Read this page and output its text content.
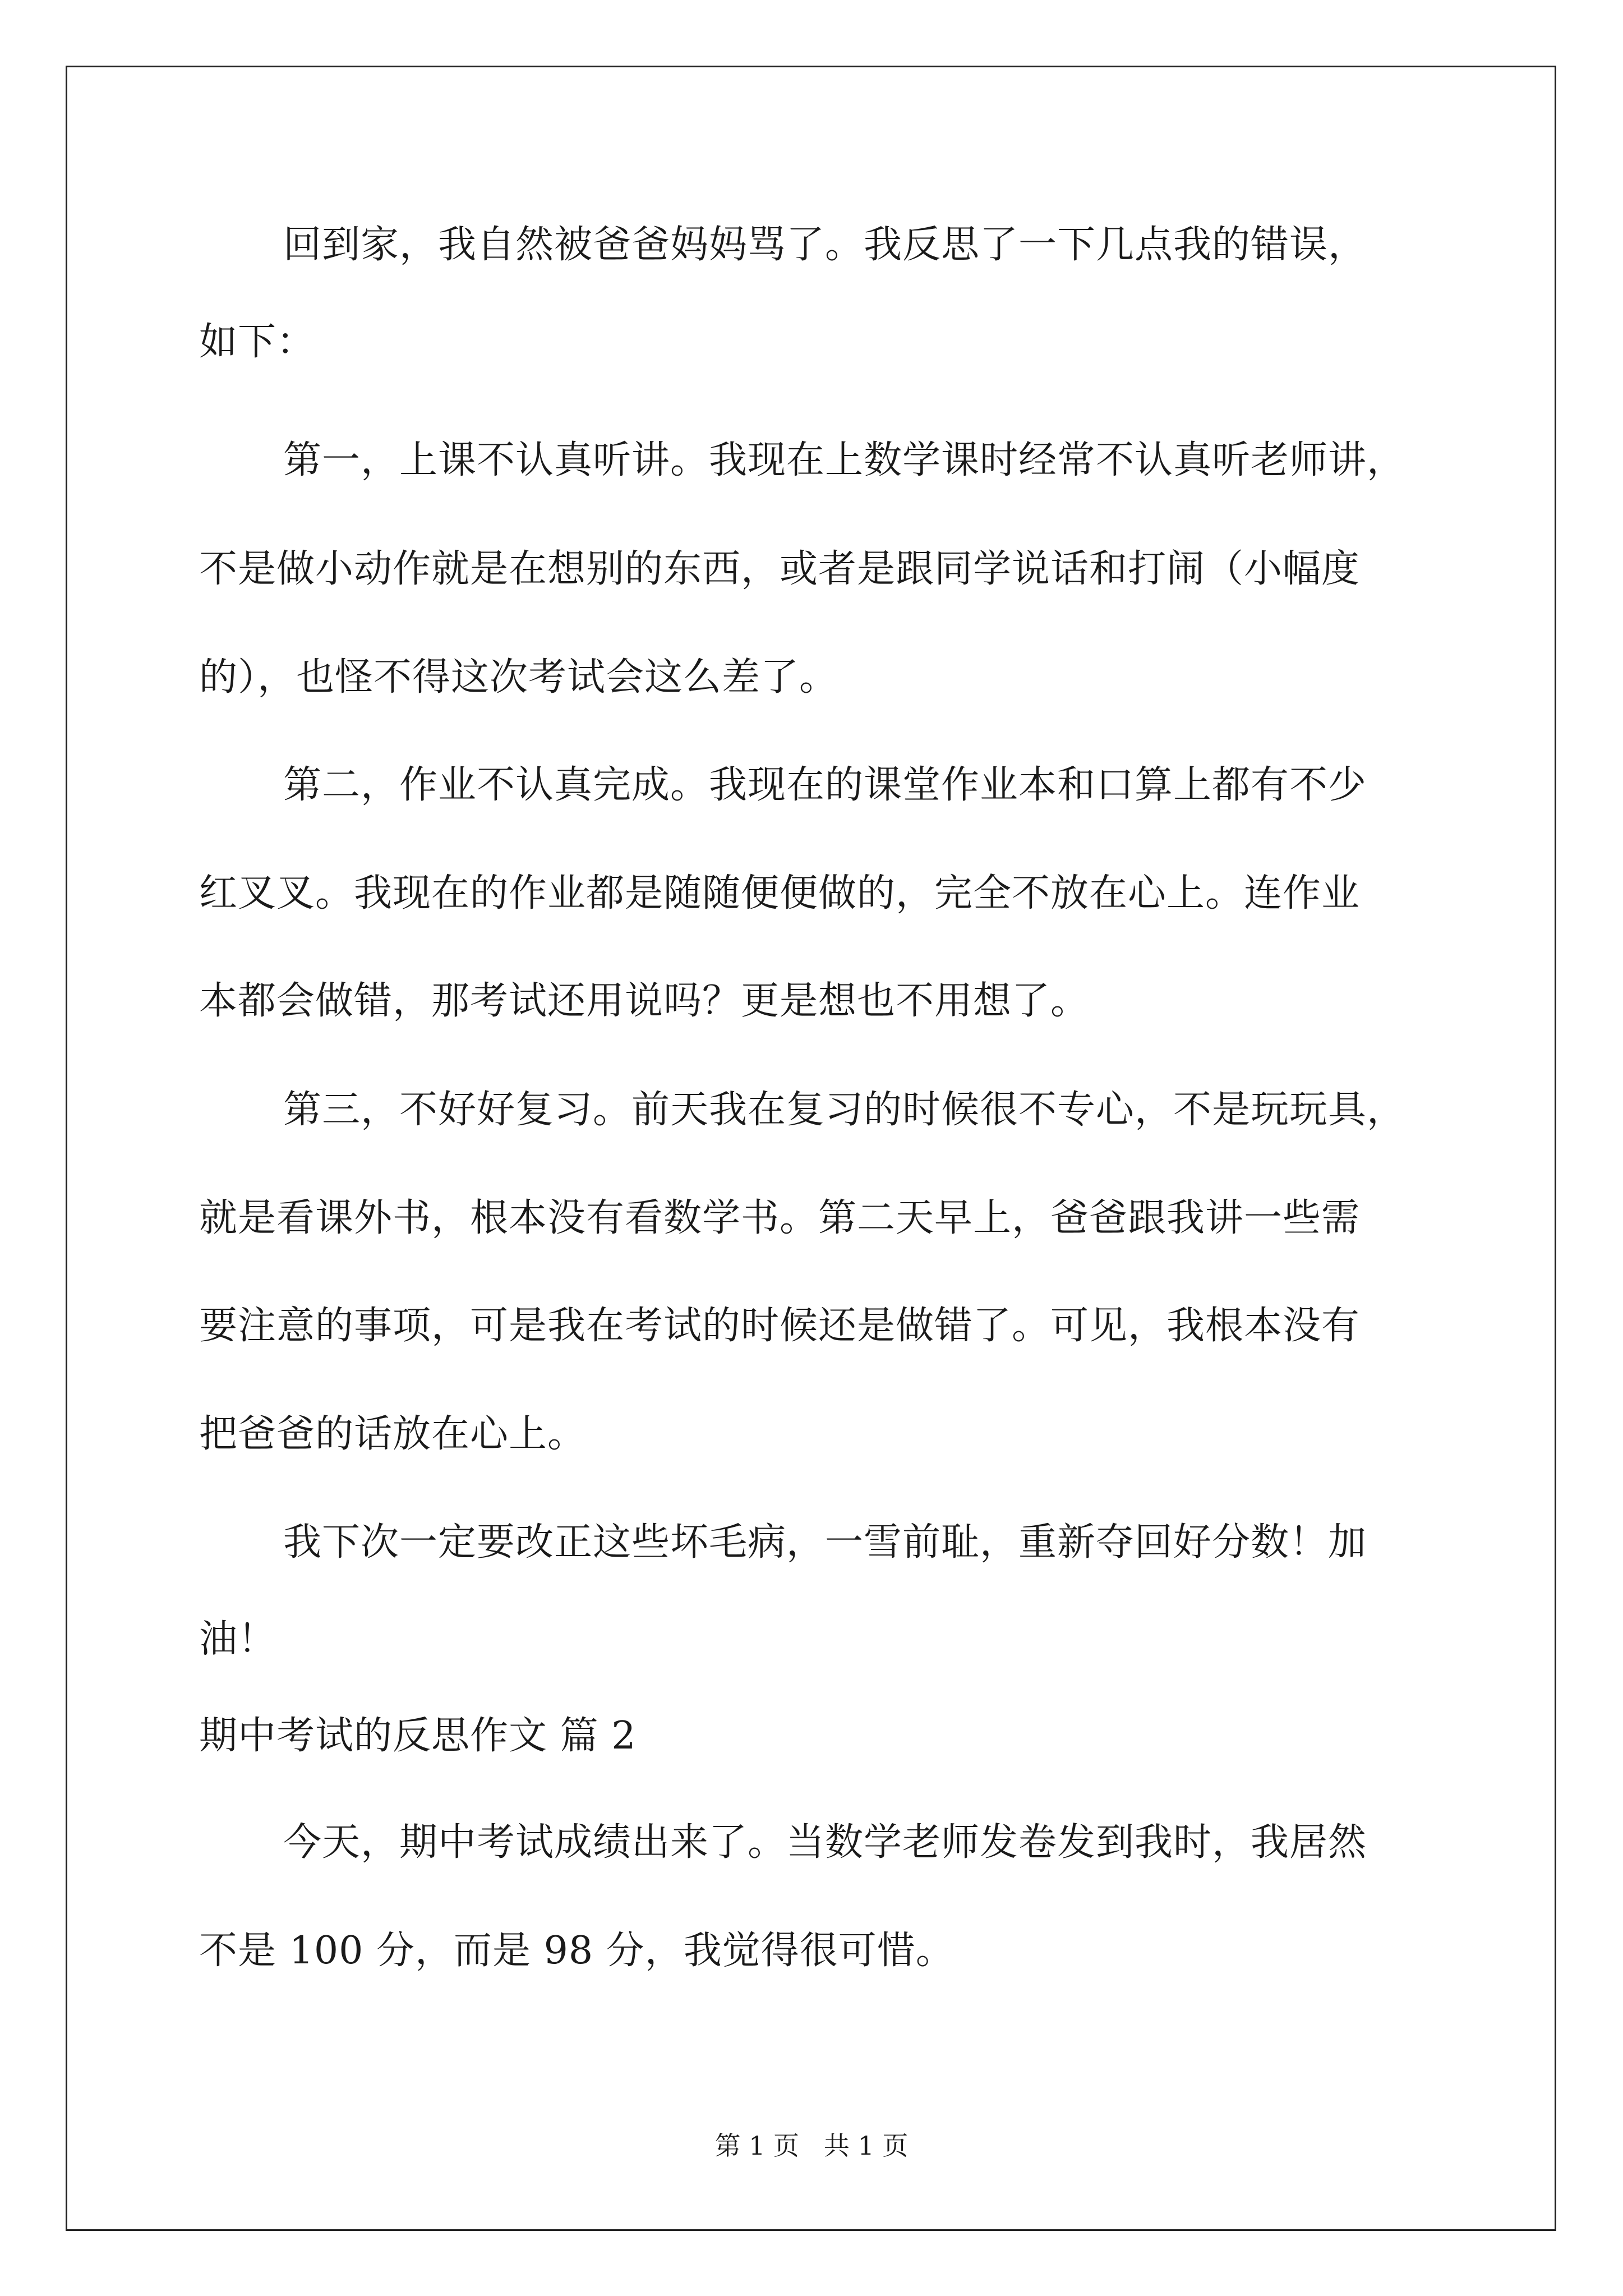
回到家，我自然被爸爸妈妈骂了。我反思了一下几点我的错误，
如下：
第一，上课不认真听讲。我现在上数学课时经常不认真听老师讲，
不是做小动作就是在想别的东西，或者是跟同学说话和打闹（小幅度
的），也怪不得这次考试会这么差了。
第二，作业不认真完成。我现在的课堂作业本和口算上都有不少
红叉叉。我现在的作业都是随随便便做的，完全不放在心上。连作业
本都会做错，那考试还用说吗？更是想也不用想了。
第三，不好好复习。前天我在复习的时候很不专心，不是玩玩具，
就是看课外书，根本没有看数学书。第二天早上，爸爸跟我讲一些需
要注意的事项，可是我在考试的时候还是做错了。可见，我根本没有
把爸爸的话放在心上。
我下次一定要改正这些坏毛病，一雪前耻，重新夺回好分数！加
油！
期中考试的反思作文 篇 2
今天，期中考试成绩出来了。当数学老师发卷发到我时，我居然
不是 100 分，而是 98 分，我觉得很可惜。
第 1 页   共 1 页
